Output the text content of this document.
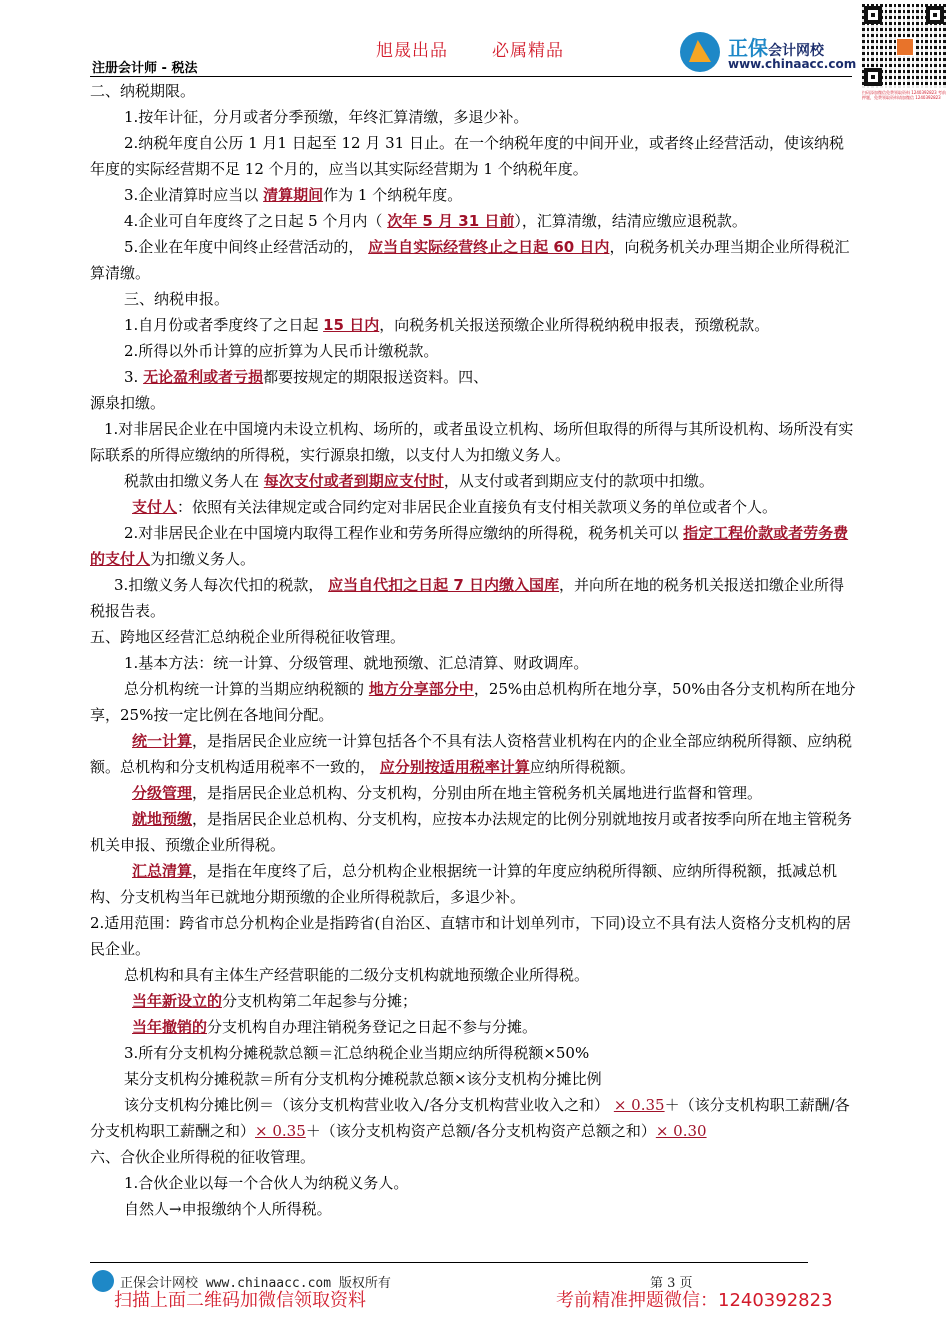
旭晟出品	必属精品
注册会计师 - 税法
正保会计网校
www.chinaacc.com
扫码添加微信免费领取资料 1240392823 考前押题，免费领取资料请加微信 1240392823

二、纳税期限。

1.按年计征，分月或者分季预缴，年终汇算清缴，多退少补。

2.纳税年度自公历 1 月1 日起至 12 月 31 日止。在一个纳税年度的中间开业，或者终止经营活动，使该纳税年度的实际经营期不足 12 个月的，应当以其实际经营期为 1 个纳税年度。

3.企业清算时应当以 清算期间作为 1 个纳税年度。

4.企业可自年度终了之日起 5 个月内（ 次年 5 月 31 日前），汇算清缴，结清应缴应退税款。

5.企业在年度中间终止经营活动的， 应当自实际经营终止之日起 60 日内，向税务机关办理当期企业所得税汇算清缴。

三、纳税申报。

1.自月份或者季度终了之日起 15 日内，向税务机关报送预缴企业所得税纳税申报表，预缴税款。

2.所得以外币计算的应折算为人民币计缴税款。

3. 无论盈利或者亏损都要按规定的期限报送资料。四、

源泉扣缴。

1.对非居民企业在中国境内未设立机构、场所的，或者虽设立机构、场所但取得的所得与其所设机构、场所没有实际联系的所得应缴纳的所得税，实行源泉扣缴，以支付人为扣缴义务人。

税款由扣缴义务人在 每次支付或者到期应支付时，从支付或者到期应支付的款项中扣缴。

支付人：依照有关法律规定或合同约定对非居民企业直接负有支付相关款项义务的单位或者个人。

2.对非居民企业在中国境内取得工程作业和劳务所得应缴纳的所得税，税务机关可以 指定工程价款或者劳务费的支付人为扣缴义务人。

3.扣缴义务人每次代扣的税款， 应当自代扣之日起 7 日内缴入国库，并向所在地的税务机关报送扣缴企业所得税报告表。

五、跨地区经营汇总纳税企业所得税征收管理。

1.基本方法：统一计算、分级管理、就地预缴、汇总清算、财政调库。

总分机构统一计算的当期应纳税额的 地方分享部分中，25%由总机构所在地分享，50%由各分支机构所在地分享，25%按一定比例在各地间分配。

统一计算，是指居民企业应统一计算包括各个不具有法人资格营业机构在内的企业全部应纳税所得额、应纳税额。总机构和分支机构适用税率不一致的， 应分别按适用税率计算应纳所得税额。

分级管理，是指居民企业总机构、分支机构，分别由所在地主管税务机关属地进行监督和管理。

就地预缴，是指居民企业总机构、分支机构，应按本办法规定的比例分别就地按月或者按季向所在地主管税务机关申报、预缴企业所得税。

汇总清算，是指在年度终了后，总分机构企业根据统一计算的年度应纳税所得额、应纳所得税额，抵减总机构、分支机构当年已就地分期预缴的企业所得税款后，多退少补。

2.适用范围：跨省市总分机构企业是指跨省(自治区、直辖市和计划单列市，下同)设立不具有法人资格分支机构的居民企业。

总机构和具有主体生产经营职能的二级分支机构就地预缴企业所得税。

当年新设立的分支机构第二年起参与分摊；

当年撤销的分支机构自办理注销税务登记之日起不参与分摊。

3.所有分支机构分摊税款总额＝汇总纳税企业当期应纳所得税额×50%

某分支机构分摊税款＝所有分支机构分摊税款总额×该分支机构分摊比例

该分支机构分摊比例＝（该分支机构营业收入/各分支机构营业收入之和） × 0.35＋（该分支机构职工薪酬/各分支机构职工薪酬之和）× 0.35＋（该分支机构资产总额/各分支机构资产总额之和）× 0.30

六、合伙企业所得税的征收管理。

1.合伙企业以每一个合伙人为纳税义务人。

自然人→申报缴纳个人所得税。

正保会计网校 www.chinaacc.com 版权所有	第 3 页
扫描上面二维码加微信领取资料	考前精准押题微信：1240392823
